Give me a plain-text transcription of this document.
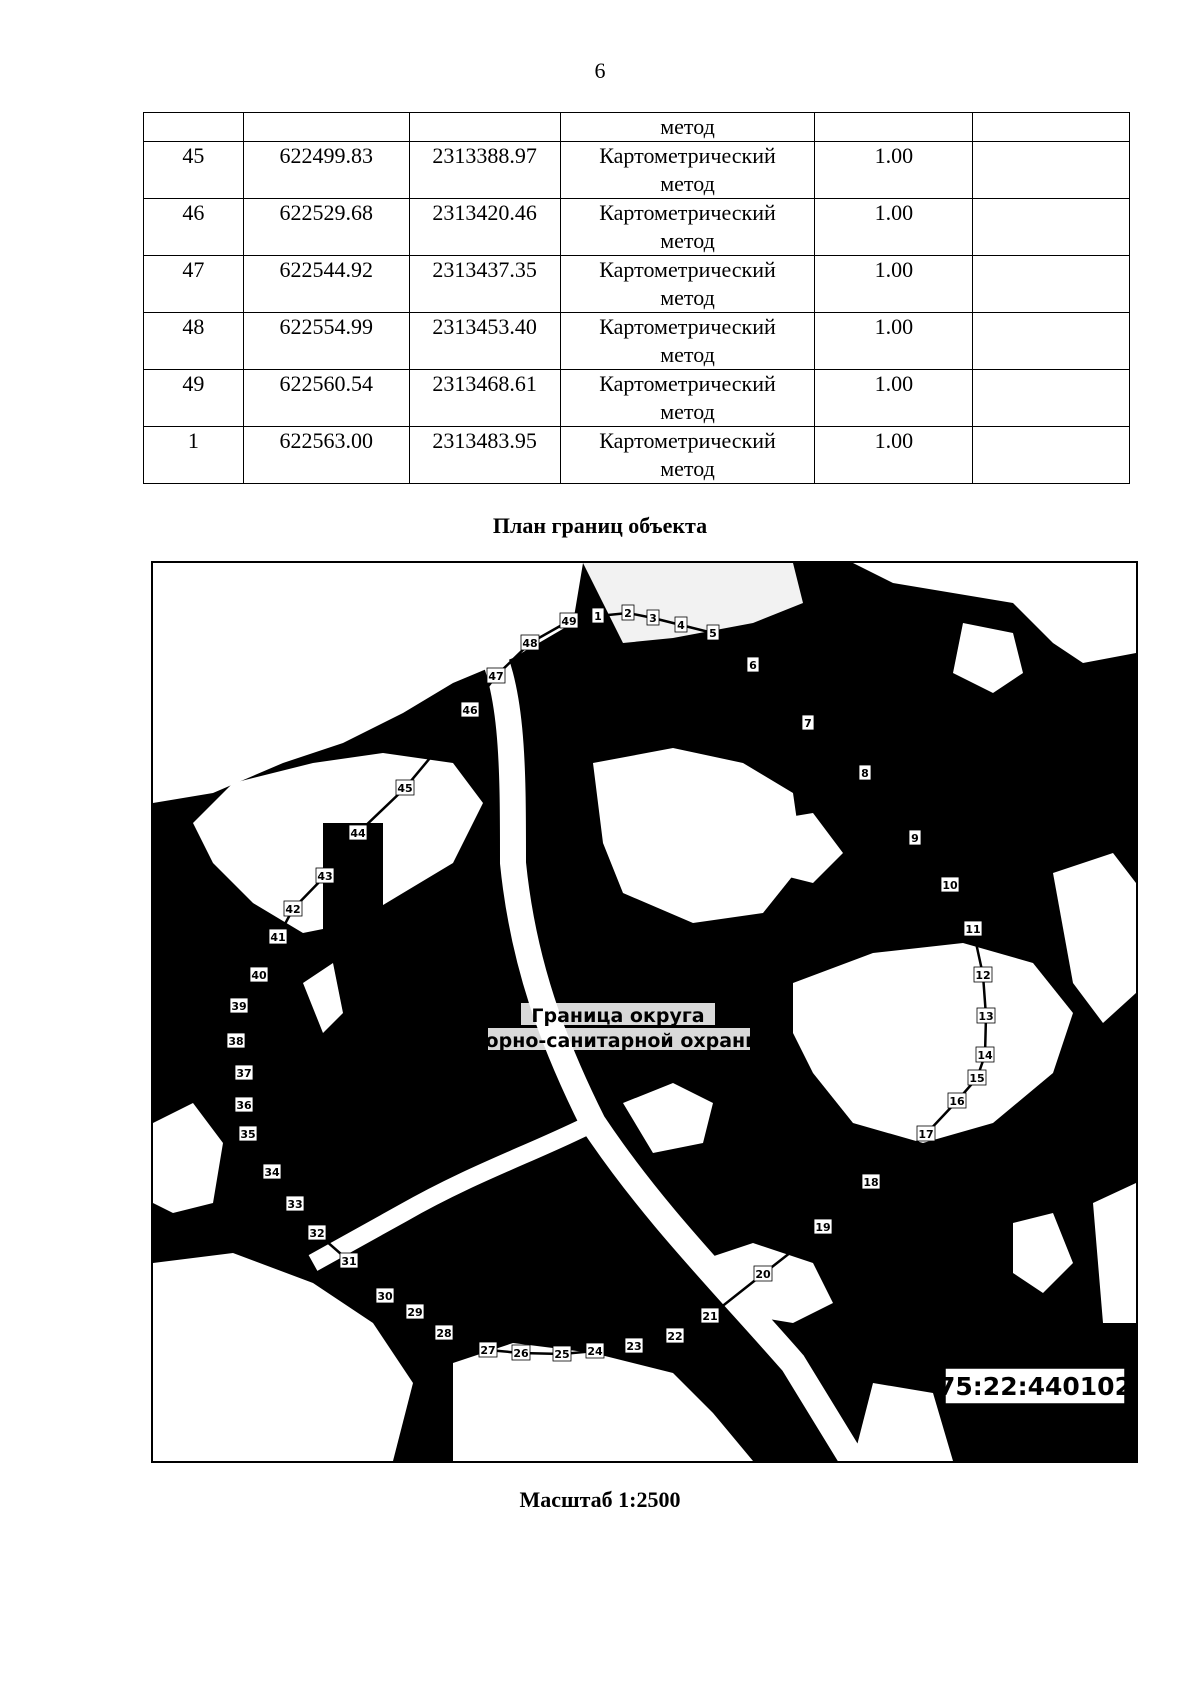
6
			метод		
45	622499.83	2313388.97	Картометрический
метод	1.00	
46	622529.68	2313420.46	Картометрический
метод	1.00	
47	622544.92	2313437.35	Картометрический
метод	1.00	
48	622554.99	2313453.40	Картометрический
метод	1.00	
49	622560.54	2313468.61	Картометрический
метод	1.00	
1	622563.00	2313483.95	Картометрический
метод	1.00	
План границ объекта
1 2 3
4
5
6
7
8
9
10
11
12
13
14
15
16
17
18
19
20
21
22
23
24
25
26
27
28
29
30
31
32
33
34
35
36
37
38
39
40
41
42
43
44
45
46
47
48
49
Граница округа
горно-санитарной охраны
75:22:440102
Масштаб 1:2500
